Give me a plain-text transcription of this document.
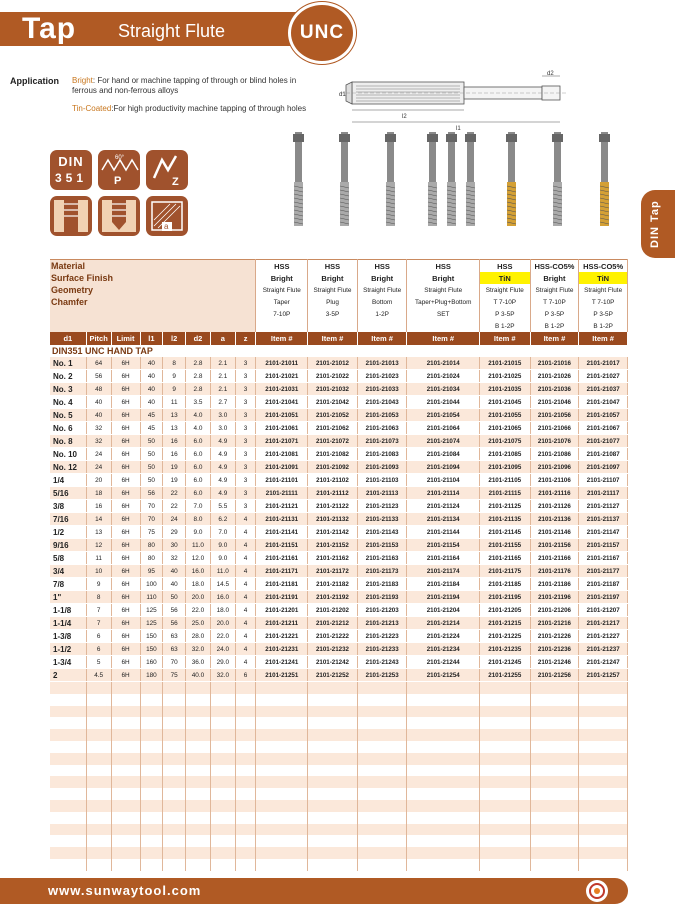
Tap Straight Flute	UNC
DIN Tap
Application Bright: For hand or machine tapping of through or blind holes in ferrous and non-ferrous alloys
Tin-Coated:For high productivity machine tapping of through holes
l2
l1
d1
d2
DIN
351
60°
P	Z
a
Material								HSS	HSS	HSS	HSS	HSS	HSS-CO5%	HSS-CO5%
Surface Finish								Bright	Bright	Bright	Bright	TiN	Bright	TiN
Geometry								Straight Flute	Straight Flute	Straight Flute	Straight Flute	Straight Flute	Straight Flute	Straight Flute
Chamfer								Taper	Plug	Bottom	Taper+Plug+Bottom	T 7-10P	T 7-10P	T 7-10P
								7-10P	3-5P	1-2P	SET	P 3-5P	P 3-5P	P 3-5P
												B 1-2P	B 1-2P	B 1-2P
d1	Pitch	Limit	l1	l2	d2	a	z	Item #	Item #	Item #	Item #	Item #	Item #	Item #
DIN351 UNC HAND TAP														
No. 1	64	6H	40	8	2.8	2.1	3	2101-21011	2101-21012	2101-21013	2101-21014	2101-21015	2101-21016	2101-21017
No. 2	56	6H	40	9	2.8	2.1	3	2101-21021	2101-21022	2101-21023	2101-21024	2101-21025	2101-21026	2101-21027
No. 3	48	6H	40	9	2.8	2.1	3	2101-21031	2101-21032	2101-21033	2101-21034	2101-21035	2101-21036	2101-21037
No. 4	40	6H	40	11	3.5	2.7	3	2101-21041	2101-21042	2101-21043	2101-21044	2101-21045	2101-21046	2101-21047
No. 5	40	6H	45	13	4.0	3.0	3	2101-21051	2101-21052	2101-21053	2101-21054	2101-21055	2101-21056	2101-21057
No. 6	32	6H	45	13	4.0	3.0	3	2101-21061	2101-21062	2101-21063	2101-21064	2101-21065	2101-21066	2101-21067
No. 8	32	6H	50	16	6.0	4.9	3	2101-21071	2101-21072	2101-21073	2101-21074	2101-21075	2101-21076	2101-21077
No. 10	24	6H	50	16	6.0	4.9	3	2101-21081	2101-21082	2101-21083	2101-21084	2101-21085	2101-21086	2101-21087
No. 12	24	6H	50	19	6.0	4.9	3	2101-21091	2101-21092	2101-21093	2101-21094	2101-21095	2101-21096	2101-21097
1/4	20	6H	50	19	6.0	4.9	3	2101-21101	2101-21102	2101-21103	2101-21104	2101-21105	2101-21106	2101-21107
5/16	18	6H	56	22	6.0	4.9	3	2101-21111	2101-21112	2101-21113	2101-21114	2101-21115	2101-21116	2101-21117
3/8	16	6H	70	22	7.0	5.5	3	2101-21121	2101-21122	2101-21123	2101-21124	2101-21125	2101-21126	2101-21127
7/16	14	6H	70	24	8.0	6.2	4	2101-21131	2101-21132	2101-21133	2101-21134	2101-21135	2101-21136	2101-21137
1/2	13	6H	75	29	9.0	7.0	4	2101-21141	2101-21142	2101-21143	2101-21144	2101-21145	2101-21146	2101-21147
9/16	12	6H	80	30	11.0	9.0	4	2101-21151	2101-21152	2101-21153	2101-21154	2101-21155	2101-21156	2101-21157
5/8	11	6H	80	32	12.0	9.0	4	2101-21161	2101-21162	2101-21163	2101-21164	2101-21165	2101-21166	2101-21167
3/4	10	6H	95	40	16.0	11.0	4	2101-21171	2101-21172	2101-21173	2101-21174	2101-21175	2101-21176	2101-21177
7/8	9	6H	100	40	18.0	14.5	4	2101-21181	2101-21182	2101-21183	2101-21184	2101-21185	2101-21186	2101-21187
1"	8	6H	110	50	20.0	16.0	4	2101-21191	2101-21192	2101-21193	2101-21194	2101-21195	2101-21196	2101-21197
1-1/8	7	6H	125	56	22.0	18.0	4	2101-21201	2101-21202	2101-21203	2101-21204	2101-21205	2101-21206	2101-21207
1-1/4	7	6H	125	56	25.0	20.0	4	2101-21211	2101-21212	2101-21213	2101-21214	2101-21215	2101-21216	2101-21217
1-3/8	6	6H	150	63	28.0	22.0	4	2101-21221	2101-21222	2101-21223	2101-21224	2101-21225	2101-21226	2101-21227
1-1/2	6	6H	150	63	32.0	24.0	4	2101-21231	2101-21232	2101-21233	2101-21234	2101-21235	2101-21236	2101-21237
1-3/4	5	6H	160	70	36.0	29.0	4	2101-21241	2101-21242	2101-21243	2101-21244	2101-21245	2101-21246	2101-21247
2	4.5	6H	180	75	40.0	32.0	6	2101-21251	2101-21252	2101-21253	2101-21254	2101-21255	2101-21256	2101-21257

www.sunwaytool.com
